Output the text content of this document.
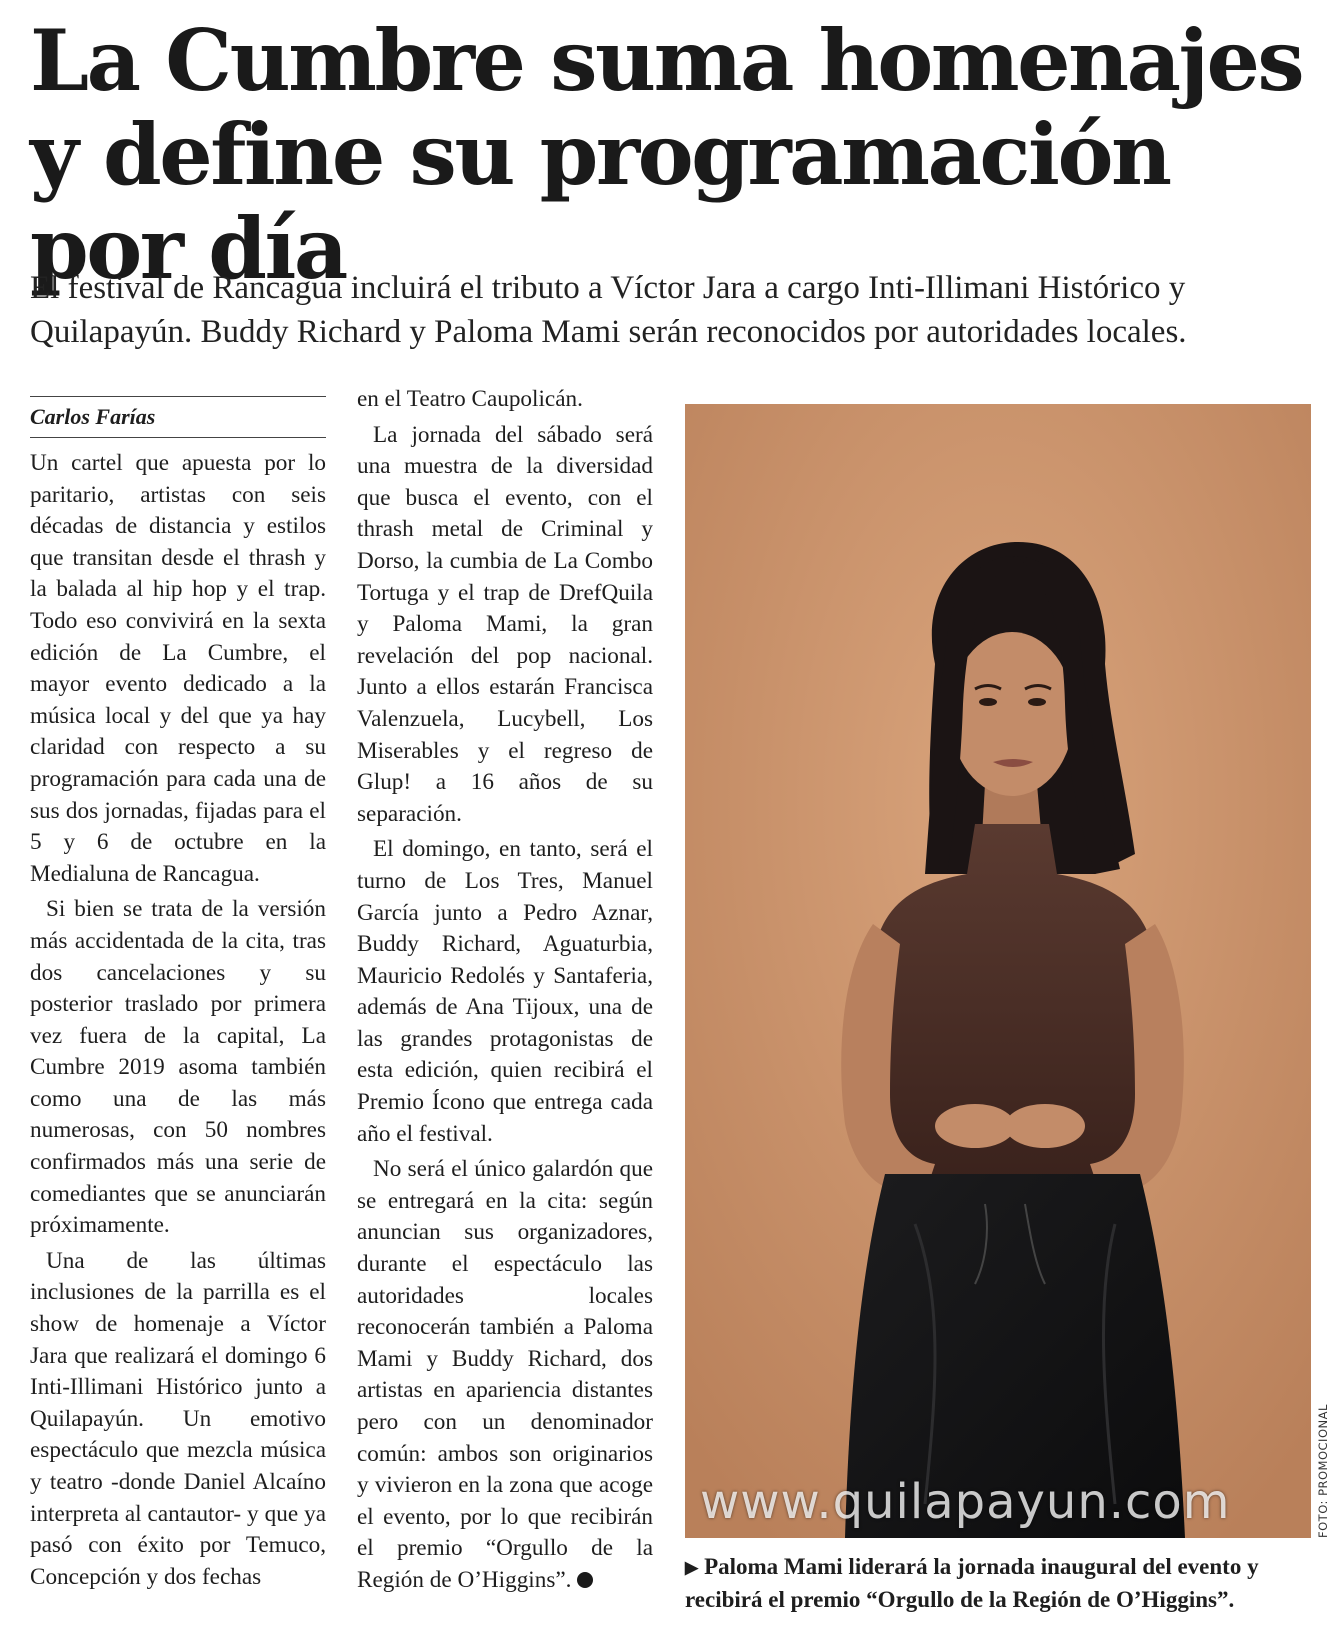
La Cumbre suma homenajes y define su programación por día

El festival de Rancagua incluirá el tributo a Víctor Jara a cargo Inti-Illimani Histórico y Quilapayún. Buddy Richard y Paloma Mami serán reconocidos por autoridades locales.

Carlos Farías

Un cartel que apuesta por lo paritario, artistas con seis décadas de distancia y estilos que transitan desde el thrash y la balada al hip hop y el trap. Todo eso convivirá en la sexta edición de La Cumbre, el mayor evento dedicado a la música local y del que ya hay claridad con respecto a su programación para cada una de sus dos jornadas, fijadas para el 5 y 6 de octubre en la Medialuna de Rancagua.

Si bien se trata de la versión más accidentada de la cita, tras dos cancelaciones y su posterior traslado por primera vez fuera de la capital, La Cumbre 2019 asoma también como una de las más numerosas, con 50 nombres confirmados más una serie de comediantes que se anunciarán próximamente.

Una de las últimas inclusiones de la parrilla es el show de homenaje a Víctor Jara que realizará el domingo 6 Inti-Illimani Histórico junto a Quilapayún. Un emotivo espectáculo que mezcla música y teatro -donde Daniel Alcaíno interpreta al cantautor- y que ya pasó con éxito por Temuco, Concepción y dos fechas

en el Teatro Caupolicán.

La jornada del sábado será una muestra de la diversidad que busca el evento, con el thrash metal de Criminal y Dorso, la cumbia de La Combo Tortuga y el trap de DrefQuila y Paloma Mami, la gran revelación del pop nacional. Junto a ellos estarán Francisca Valenzuela, Lucybell, Los Miserables y el regreso de Glup! a 16 años de su separación.

El domingo, en tanto, será el turno de Los Tres, Manuel García junto a Pedro Aznar, Buddy Richard, Aguaturbia, Mauricio Redolés y Santaferia, además de Ana Tijoux, una de las grandes protagonistas de esta edición, quien recibirá el Premio Ícono que entrega cada año el festival.

No será el único galardón que se entregará en la cita: según anuncian sus organizadores, durante el espectáculo las autoridades locales reconocerán también a Paloma Mami y Buddy Richard, dos artistas en apariencia distantes pero con un denominador común: ambos son originarios y vivieron en la zona que acoge el evento, por lo que recibirán el premio “Orgullo de la Región de O’Higgins”.

www.quilapayun.com	FOTO: PROMOCIONAL
▶ Paloma Mami liderará la jornada inaugural del evento y recibirá el premio “Orgullo de la Región de O’Higgins”.
